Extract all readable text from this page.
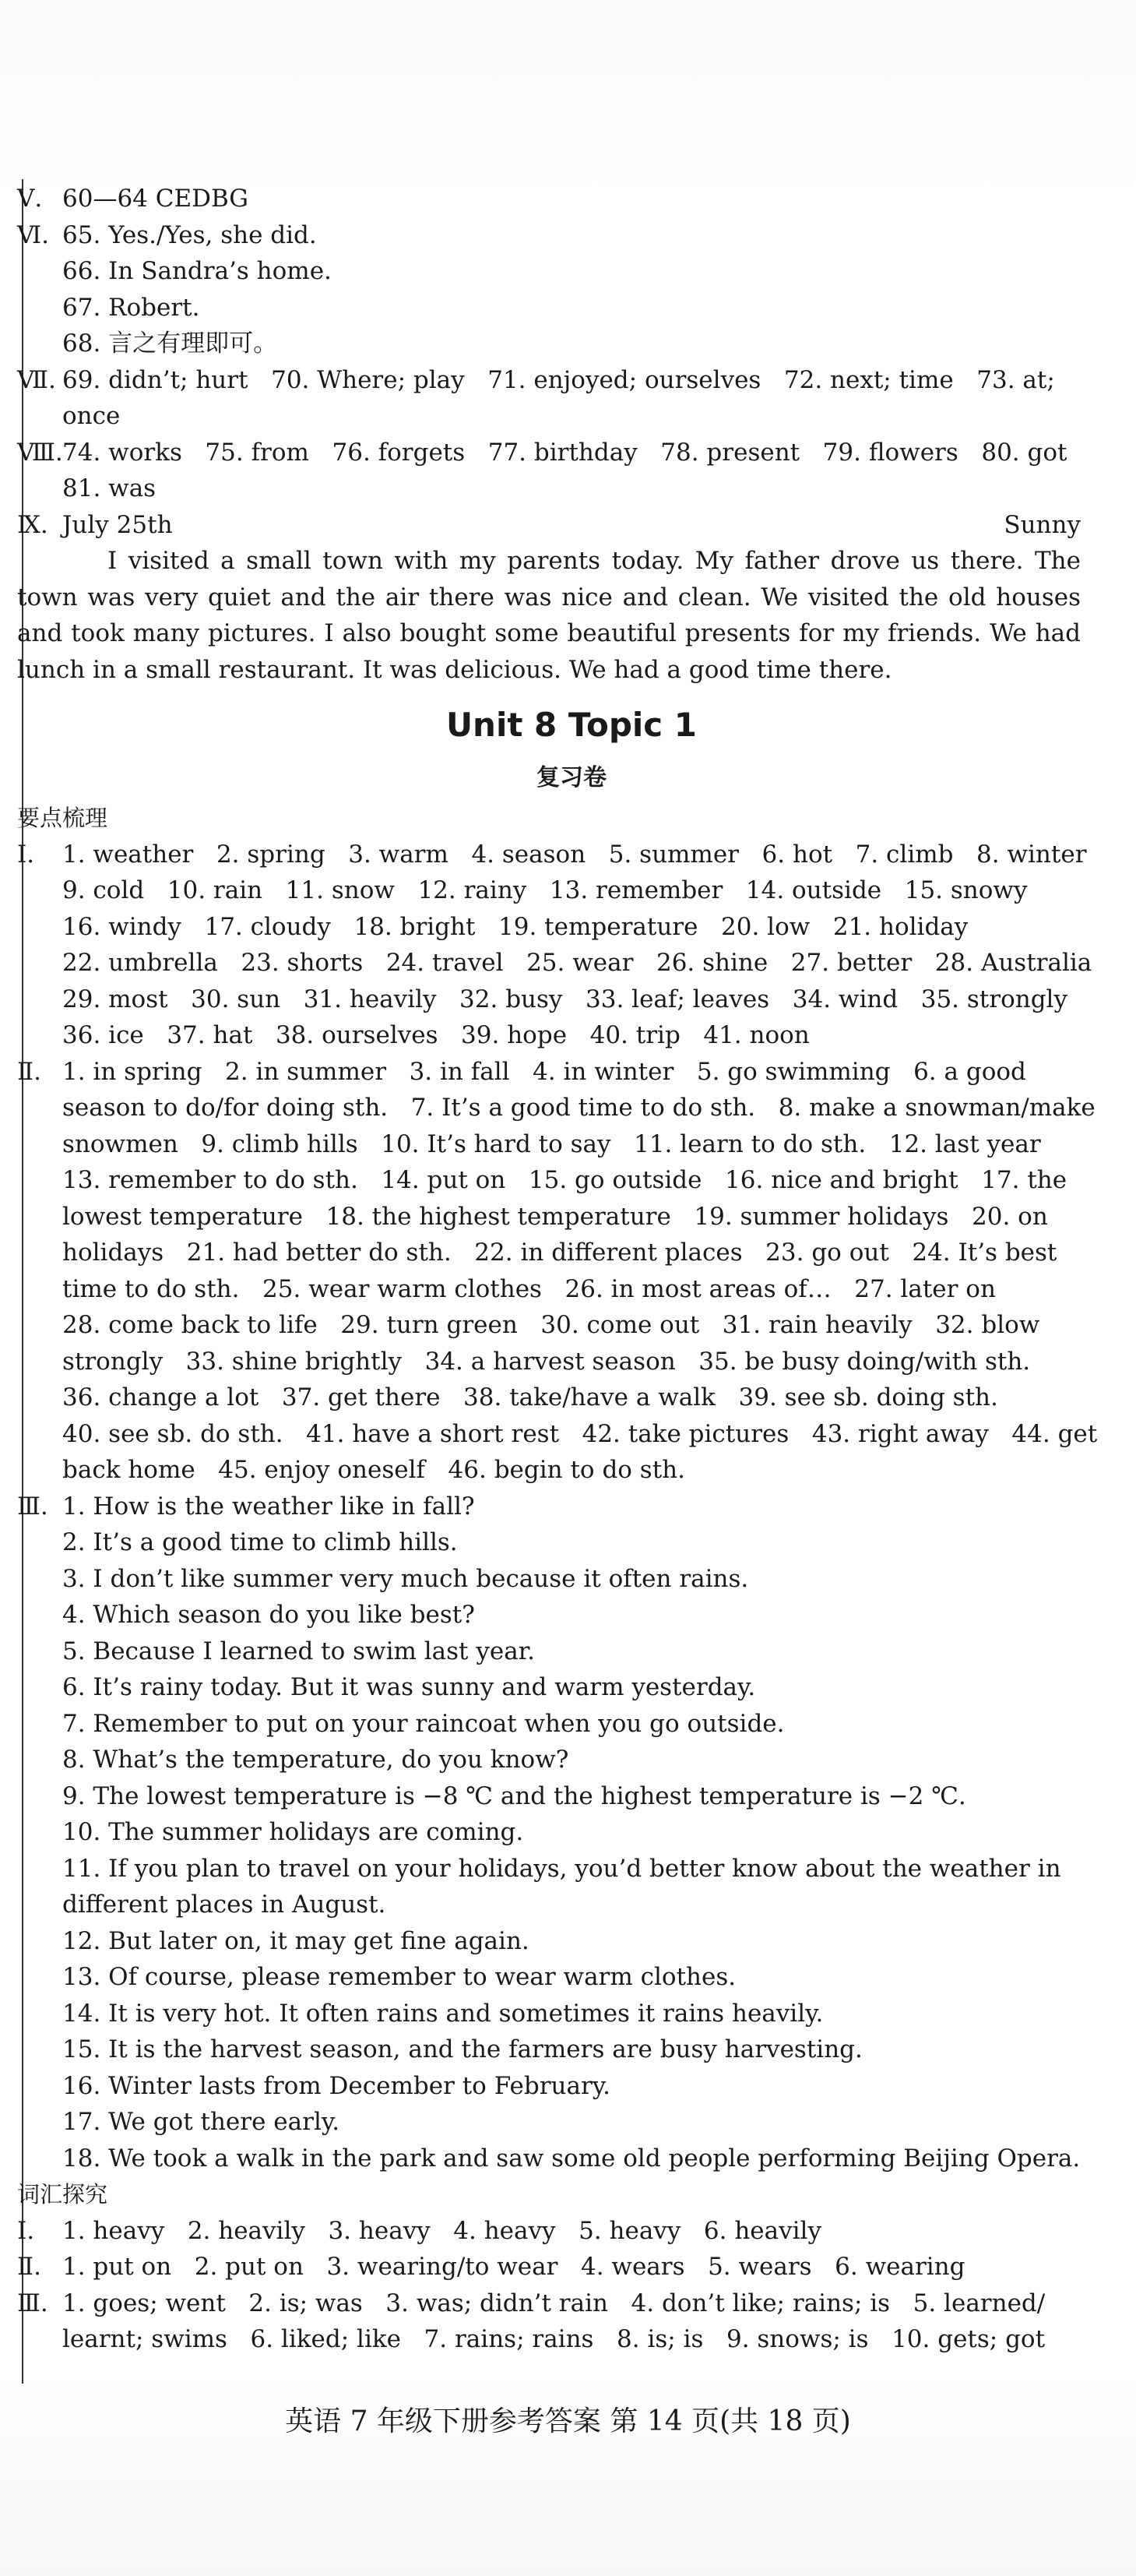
Ⅴ. 60—64 CEDBG
Ⅵ. 65. Yes./Yes, she did.
66. In Sandra’s home.
67. Robert.
68. 言之有理即可。
Ⅶ. 69. didn’t; hurt   70. Where; play   71. enjoyed; ourselves   72. next; time   73. at;
once
Ⅷ. 74. works   75. from   76. forgets   77. birthday   78. present   79. flowers   80. got
81. was
Ⅸ. July 25th	Sunny
I visited a small town with my parents today. My father drove us there. The town was very quiet and the air there was nice and clean. We visited the old houses and took many pictures. I also bought some beautiful presents for my friends. We had lunch in a small restaurant. It was delicious. We had a good time there.
Unit 8 Topic 1
复习卷
要点梳理
Ⅰ. 1. weather   2. spring   3. warm   4. season   5. summer   6. hot   7. climb   8. winter
9. cold   10. rain   11. snow   12. rainy   13. remember   14. outside   15. snowy
16. windy   17. cloudy   18. bright   19. temperature   20. low   21. holiday
22. umbrella   23. shorts   24. travel   25. wear   26. shine   27. better   28. Australia
29. most   30. sun   31. heavily   32. busy   33. leaf; leaves   34. wind   35. strongly
36. ice   37. hat   38. ourselves   39. hope   40. trip   41. noon
Ⅱ. 1. in spring   2. in summer   3. in fall   4. in winter   5. go swimming   6. a good
season to do/for doing sth.   7. It’s a good time to do sth.   8. make a snowman/make
snowmen   9. climb hills   10. It’s hard to say   11. learn to do sth.   12. last year
13. remember to do sth.   14. put on   15. go outside   16. nice and bright   17. the
lowest temperature   18. the highest temperature   19. summer holidays   20. on
holidays   21. had better do sth.   22. in different places   23. go out   24. It’s best
time to do sth.   25. wear warm clothes   26. in most areas of…   27. later on
28. come back to life   29. turn green   30. come out   31. rain heavily   32. blow
strongly   33. shine brightly   34. a harvest season   35. be busy doing/with sth.
36. change a lot   37. get there   38. take/have a walk   39. see sb. doing sth.
40. see sb. do sth.   41. have a short rest   42. take pictures   43. right away   44. get
back home   45. enjoy oneself   46. begin to do sth.
Ⅲ. 1. How is the weather like in fall?
2. It’s a good time to climb hills.
3. I don’t like summer very much because it often rains.
4. Which season do you like best?
5. Because I learned to swim last year.
6. It’s rainy today. But it was sunny and warm yesterday.
7. Remember to put on your raincoat when you go outside.
8. What’s the temperature, do you know?
9. The lowest temperature is −8 ℃ and the highest temperature is −2 ℃.
10. The summer holidays are coming.
11. If you plan to travel on your holidays, you’d better know about the weather in
different places in August.
12. But later on, it may get fine again.
13. Of course, please remember to wear warm clothes.
14. It is very hot. It often rains and sometimes it rains heavily.
15. It is the harvest season, and the farmers are busy harvesting.
16. Winter lasts from December to February.
17. We got there early.
18. We took a walk in the park and saw some old people performing Beijing Opera.
词汇探究
Ⅰ. 1. heavy   2. heavily   3. heavy   4. heavy   5. heavy   6. heavily
Ⅱ. 1. put on   2. put on   3. wearing/to wear   4. wears   5. wears   6. wearing
Ⅲ. 1. goes; went   2. is; was   3. was; didn’t rain   4. don’t like; rains; is   5. learned/
learnt; swims   6. liked; like   7. rains; rains   8. is; is   9. snows; is   10. gets; got
英语 7 年级下册参考答案 第 14 页(共 18 页)
